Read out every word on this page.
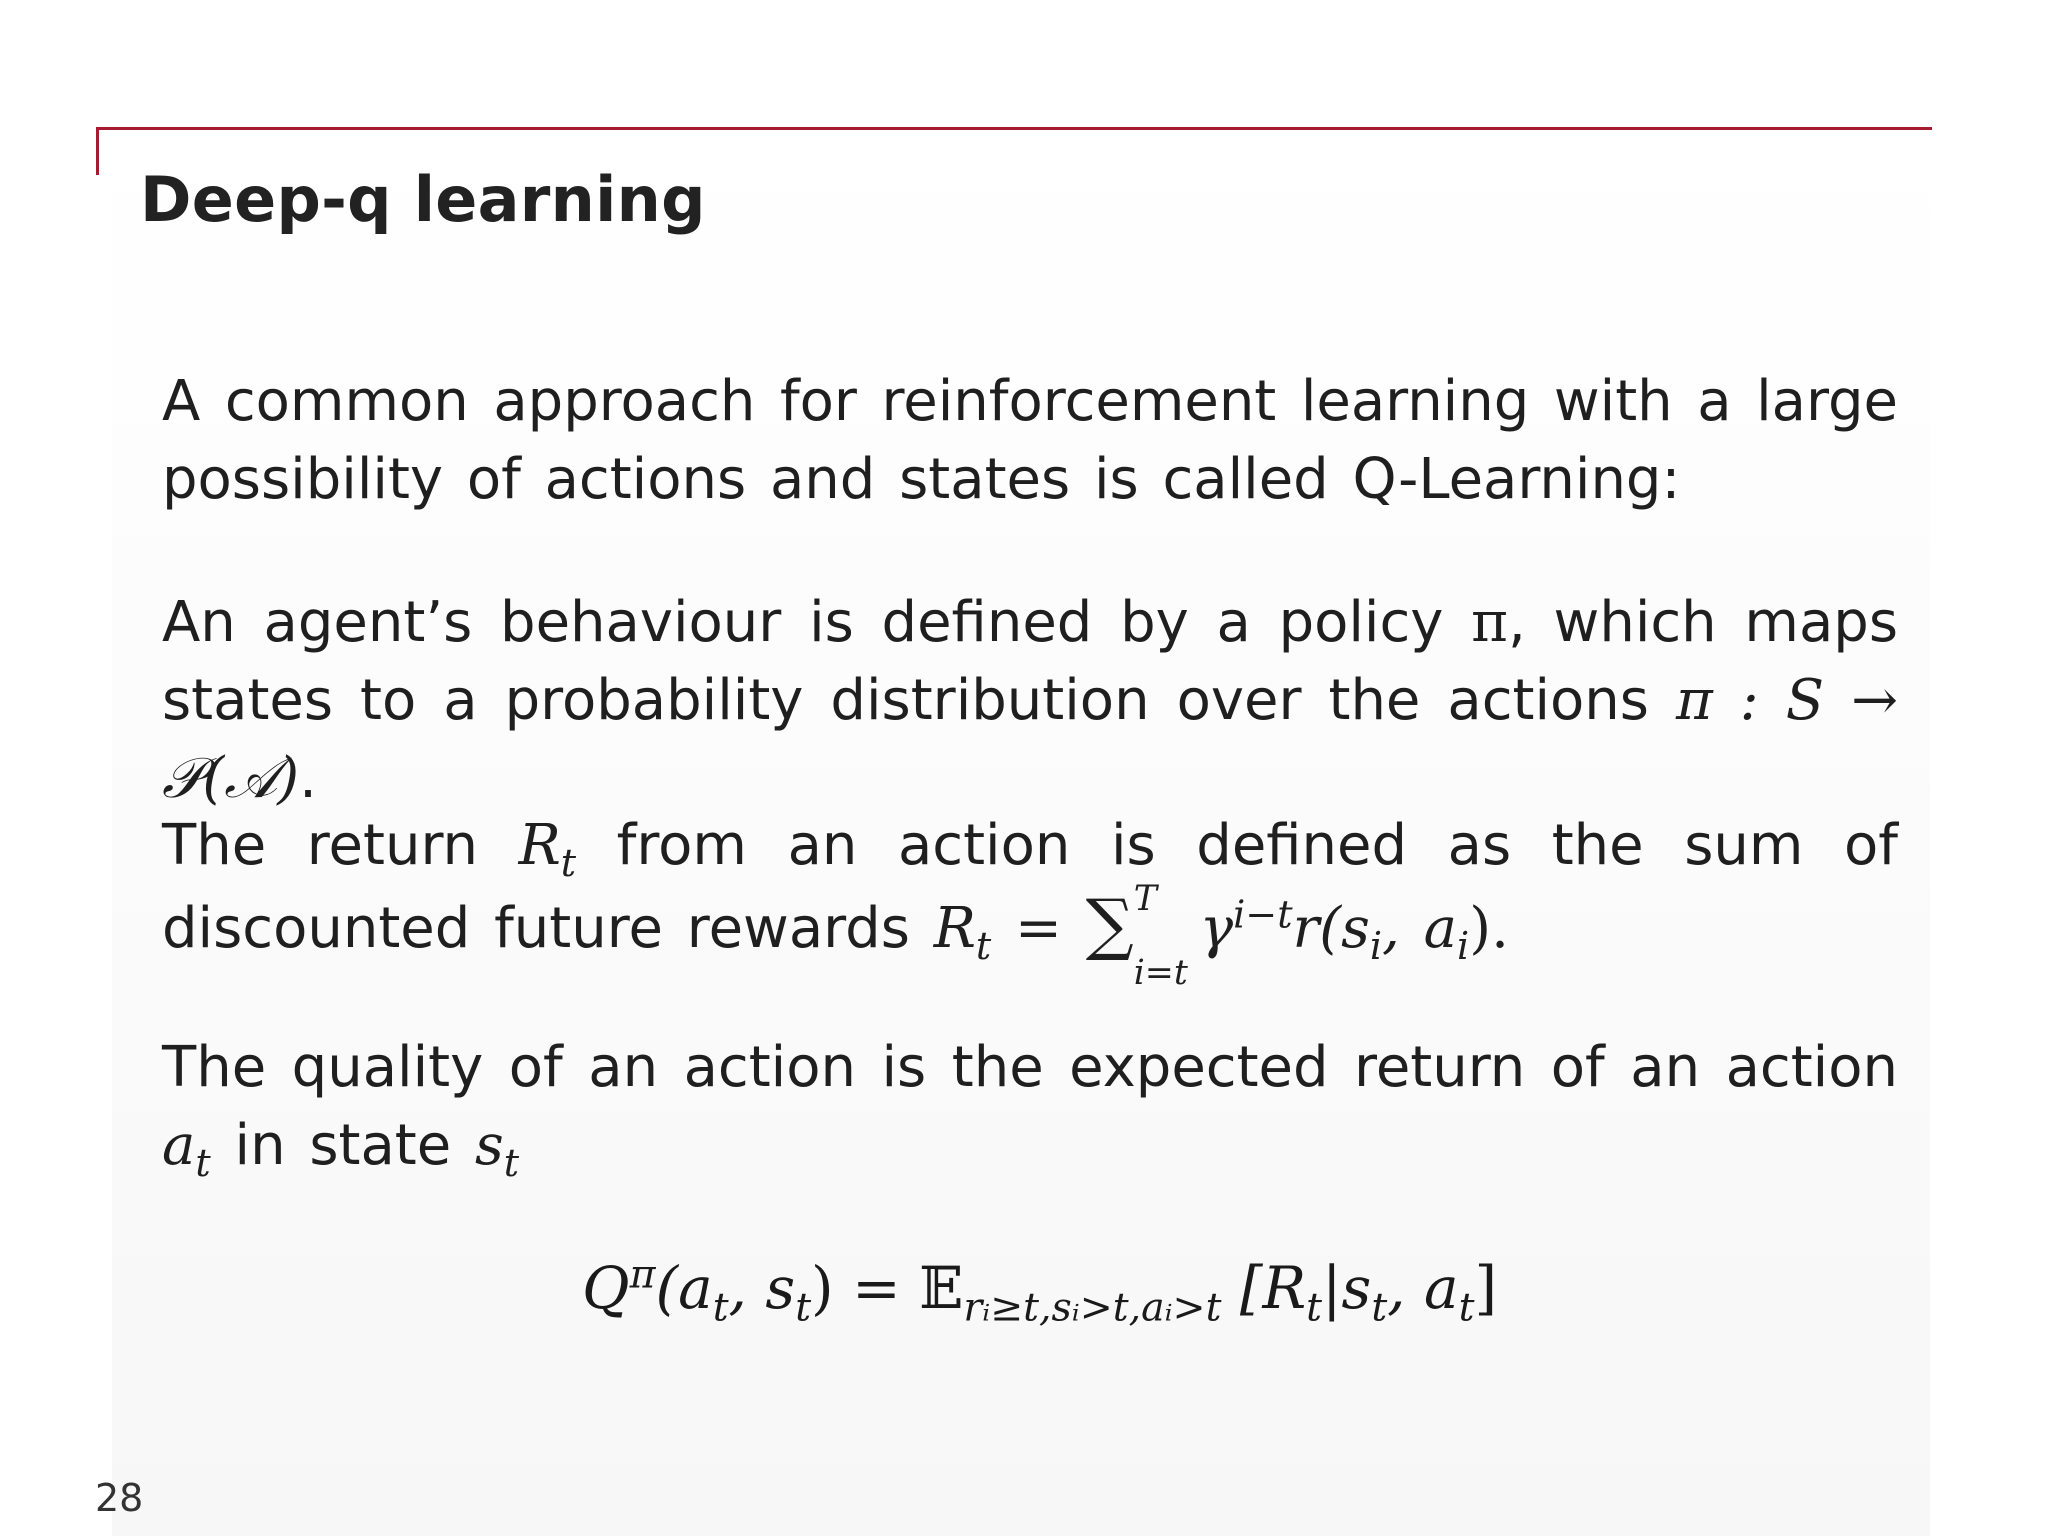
Deep-q learning
A common approach for reinforcement learning with a large possibility of actions and states is called Q-Learning:
An agent’s behaviour is defined by a policy π, which maps states to a probability distribution over the actions π : S → 𝒫(𝒜).
The return $R_t$ from an action is defined as the sum of discounted future rewards $R_t$ = ∑ T
i=t
$\gamma^{i-t}r(s_i$, $a_i$).
The quality of an action is the expected return of an action $a_t$ in state $s_t$
$Q^\pi(a_t$, $s_t$) = 𝔼$_{rᵢ\ge t,sᵢ>t,aᵢ>t}$ [$R_t|s_t$, $a_t$]
28
